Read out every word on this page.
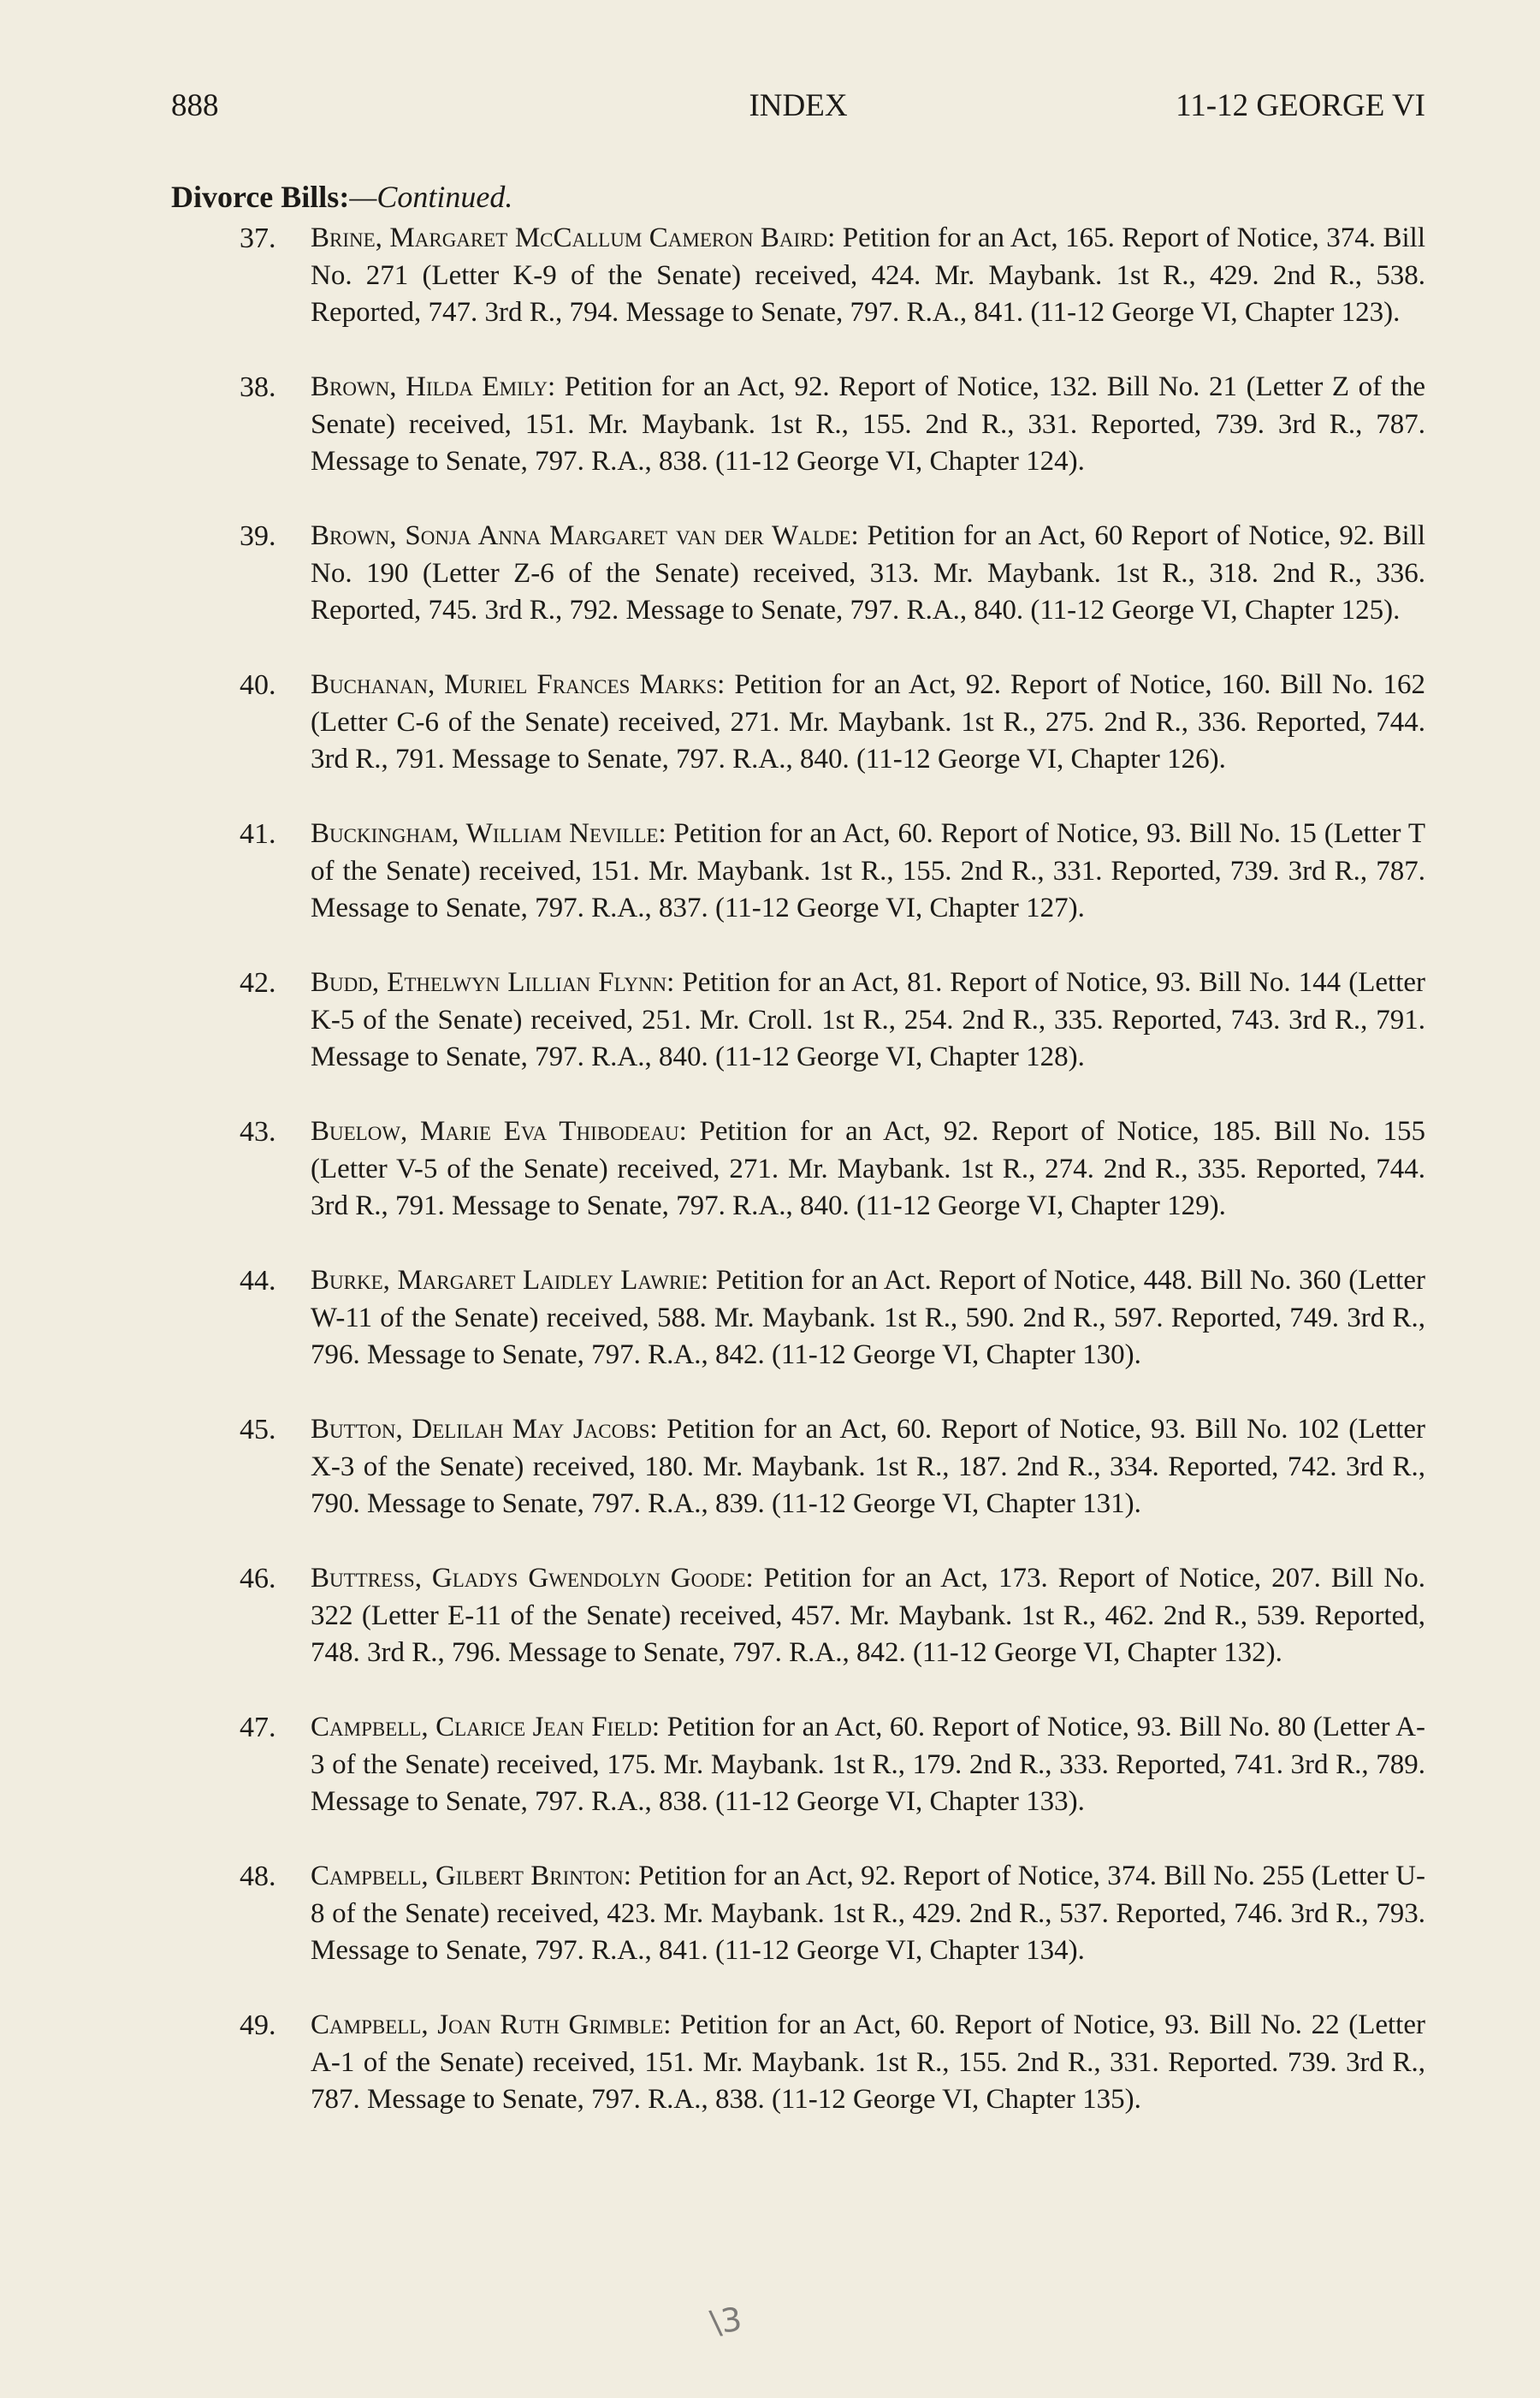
888	INDEX	11-12 GEORGE VI
Divorce Bills:—Continued.
37. Brine, Margaret McCallum Cameron Baird: Petition for an Act, 165. Report of Notice, 374. Bill No. 271 (Letter K-9 of the Senate) received, 424. Mr. Maybank. 1st R., 429. 2nd R., 538. Reported, 747. 3rd R., 794. Message to Senate, 797. R.A., 841. (11-12 George VI, Chapter 123).
38. Brown, Hilda Emily: Petition for an Act, 92. Report of Notice, 132. Bill No. 21 (Letter Z of the Senate) received, 151. Mr. Maybank. 1st R., 155. 2nd R., 331. Reported, 739. 3rd R., 787. Message to Senate, 797. R.A., 838. (11-12 George VI, Chapter 124).
39. Brown, Sonja Anna Margaret van der Walde: Petition for an Act, 60 Report of Notice, 92. Bill No. 190 (Letter Z-6 of the Senate) received, 313. Mr. Maybank. 1st R., 318. 2nd R., 336. Reported, 745. 3rd R., 792. Message to Senate, 797. R.A., 840. (11-12 George VI, Chapter 125).
40. Buchanan, Muriel Frances Marks: Petition for an Act, 92. Report of Notice, 160. Bill No. 162 (Letter C-6 of the Senate) received, 271. Mr. Maybank. 1st R., 275. 2nd R., 336. Reported, 744. 3rd R., 791. Message to Senate, 797. R.A., 840. (11-12 George VI, Chapter 126).
41. Buckingham, William Neville: Petition for an Act, 60. Report of Notice, 93. Bill No. 15 (Letter T of the Senate) received, 151. Mr. Maybank. 1st R., 155. 2nd R., 331. Reported, 739. 3rd R., 787. Message to Senate, 797. R.A., 837. (11-12 George VI, Chapter 127).
42. Budd, Ethelwyn Lillian Flynn: Petition for an Act, 81. Report of Notice, 93. Bill No. 144 (Letter K-5 of the Senate) received, 251. Mr. Croll. 1st R., 254. 2nd R., 335. Reported, 743. 3rd R., 791. Message to Senate, 797. R.A., 840. (11-12 George VI, Chapter 128).
43. Buelow, Marie Eva Thibodeau: Petition for an Act, 92. Report of Notice, 185. Bill No. 155 (Letter V-5 of the Senate) received, 271. Mr. Maybank. 1st R., 274. 2nd R., 335. Reported, 744. 3rd R., 791. Message to Senate, 797. R.A., 840. (11-12 George VI, Chapter 129).
44. Burke, Margaret Laidley Lawrie: Petition for an Act. Report of Notice, 448. Bill No. 360 (Letter W-11 of the Senate) received, 588. Mr. Maybank. 1st R., 590. 2nd R., 597. Reported, 749. 3rd R., 796. Message to Senate, 797. R.A., 842. (11-12 George VI, Chapter 130).
45. Button, Delilah May Jacobs: Petition for an Act, 60. Report of Notice, 93. Bill No. 102 (Letter X-3 of the Senate) received, 180. Mr. Maybank. 1st R., 187. 2nd R., 334. Reported, 742. 3rd R., 790. Message to Senate, 797. R.A., 839. (11-12 George VI, Chapter 131).
46. Buttress, Gladys Gwendolyn Goode: Petition for an Act, 173. Report of Notice, 207. Bill No. 322 (Letter E-11 of the Senate) received, 457. Mr. Maybank. 1st R., 462. 2nd R., 539. Reported, 748. 3rd R., 796. Message to Senate, 797. R.A., 842. (11-12 George VI, Chapter 132).
47. Campbell, Clarice Jean Field: Petition for an Act, 60. Report of Notice, 93. Bill No. 80 (Letter A-3 of the Senate) received, 175. Mr. Maybank. 1st R., 179. 2nd R., 333. Reported, 741. 3rd R., 789. Message to Senate, 797. R.A., 838. (11-12 George VI, Chapter 133).
48. Campbell, Gilbert Brinton: Petition for an Act, 92. Report of Notice, 374. Bill No. 255 (Letter U-8 of the Senate) received, 423. Mr. Maybank. 1st R., 429. 2nd R., 537. Reported, 746. 3rd R., 793. Message to Senate, 797. R.A., 841. (11-12 George VI, Chapter 134).
49. Campbell, Joan Ruth Grimble: Petition for an Act, 60. Report of Notice, 93. Bill No. 22 (Letter A-1 of the Senate) received, 151. Mr. Maybank. 1st R., 155. 2nd R., 331. Reported. 739. 3rd R., 787. Message to Senate, 797. R.A., 838. (11-12 George VI, Chapter 135).
\3
